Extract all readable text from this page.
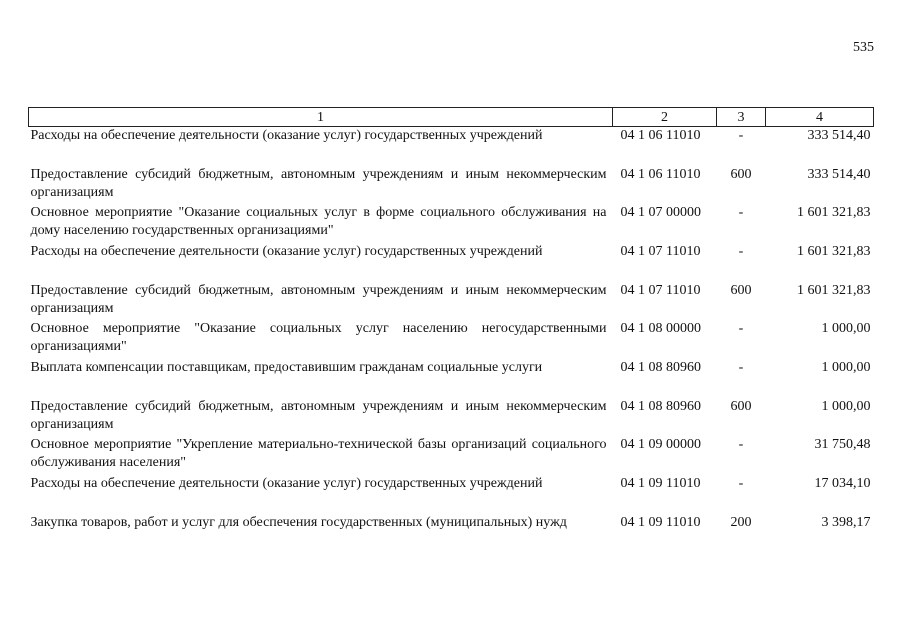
535
1	2	3	4
Расходы на обеспечение деятельности (оказание услуг) государственных учреждений	04 1 06 11010	-	333 514,40
Предоставление субсидий бюджетным, автономным учреждениям и иным некоммерческим организациям	04 1 06 11010	600	333 514,40
Основное мероприятие "Оказание социальных услуг в форме социального обслуживания на дому населению государственных организациями"	04 1 07 00000	-	1 601 321,83
Расходы на обеспечение деятельности (оказание услуг) государственных учреждений	04 1 07 11010	-	1 601 321,83
Предоставление субсидий бюджетным, автономным учреждениям и иным некоммерческим организациям	04 1 07 11010	600	1 601 321,83
Основное мероприятие "Оказание социальных услуг населению негосударственными организациями"	04 1 08 00000	-	1 000,00
Выплата компенсации поставщикам, предоставившим гражданам социальные услуги	04 1 08 80960	-	1 000,00
Предоставление субсидий бюджетным, автономным учреждениям и иным некоммерческим организациям	04 1 08 80960	600	1 000,00
Основное мероприятие "Укрепление материально-технической базы организаций социального обслуживания населения"	04 1 09 00000	-	31 750,48
Расходы на обеспечение деятельности (оказание услуг) государственных учреждений	04 1 09 11010	-	17 034,10
Закупка товаров, работ и услуг для обеспечения государственных (муниципальных) нужд	04 1 09 11010	200	3 398,17
